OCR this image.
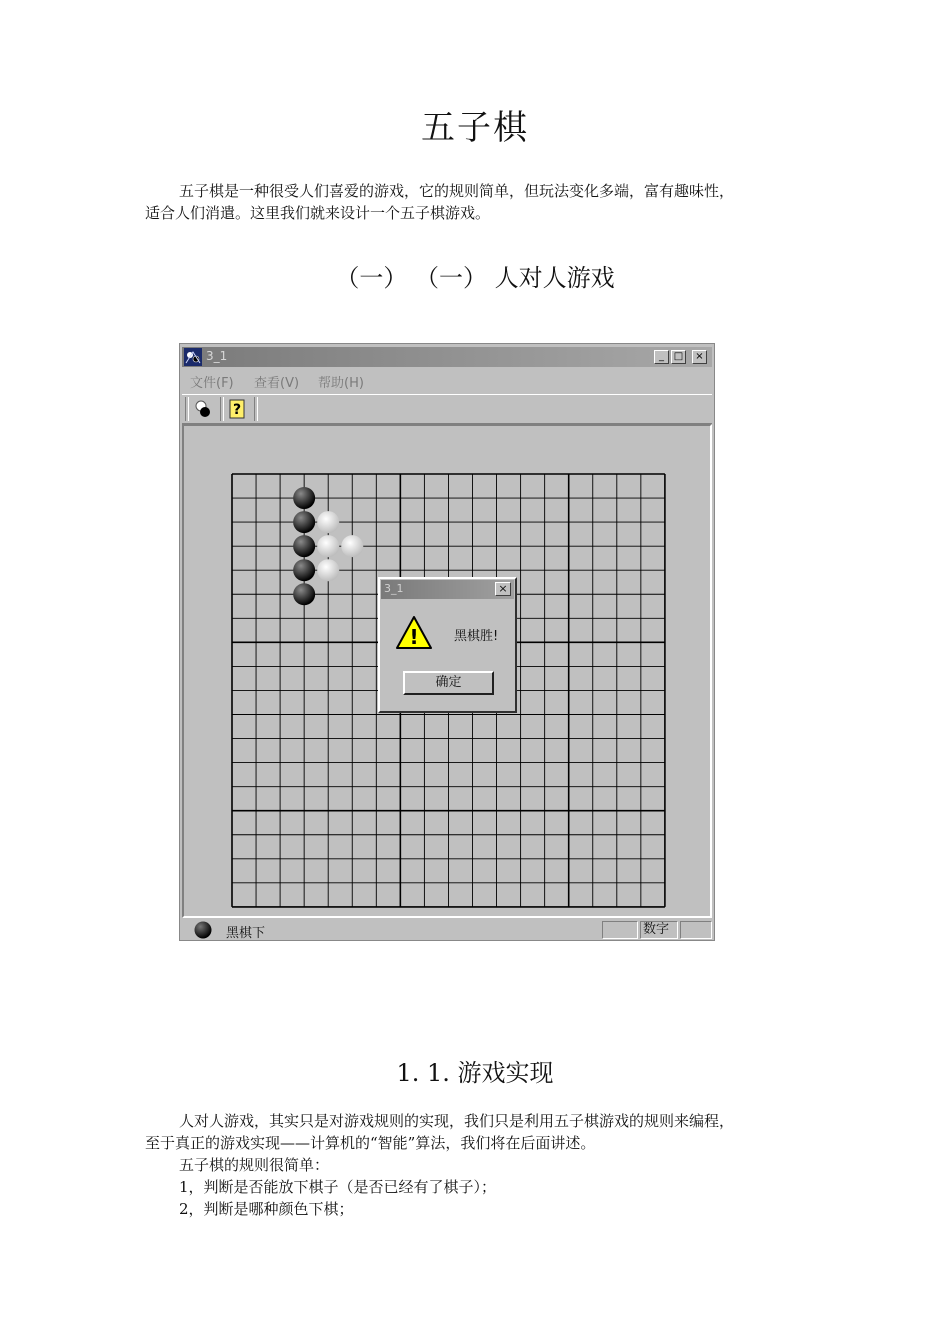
五子棋
五子棋是一种很受人们喜爱的游戏，它的规则简单，但玩法变化多端，富有趣味性，
适合人们消遣。这里我们就来设计一个五子棋游戏。
（一） （一） 人对人游戏
3_1	_ □	×
文件(F) 查看(V) 帮助(H)
?
黑棋下	数字
3_1	×
!	黑棋胜!
确定
1. 1. 游戏实现
人对人游戏，其实只是对游戏规则的实现，我们只是利用五子棋游戏的规则来编程，
至于真正的游戏实现——计算机的“智能”算法，我们将在后面讲述。
五子棋的规则很简单：
1，判断是否能放下棋子（是否已经有了棋子）；
2，判断是哪种颜色下棋；
